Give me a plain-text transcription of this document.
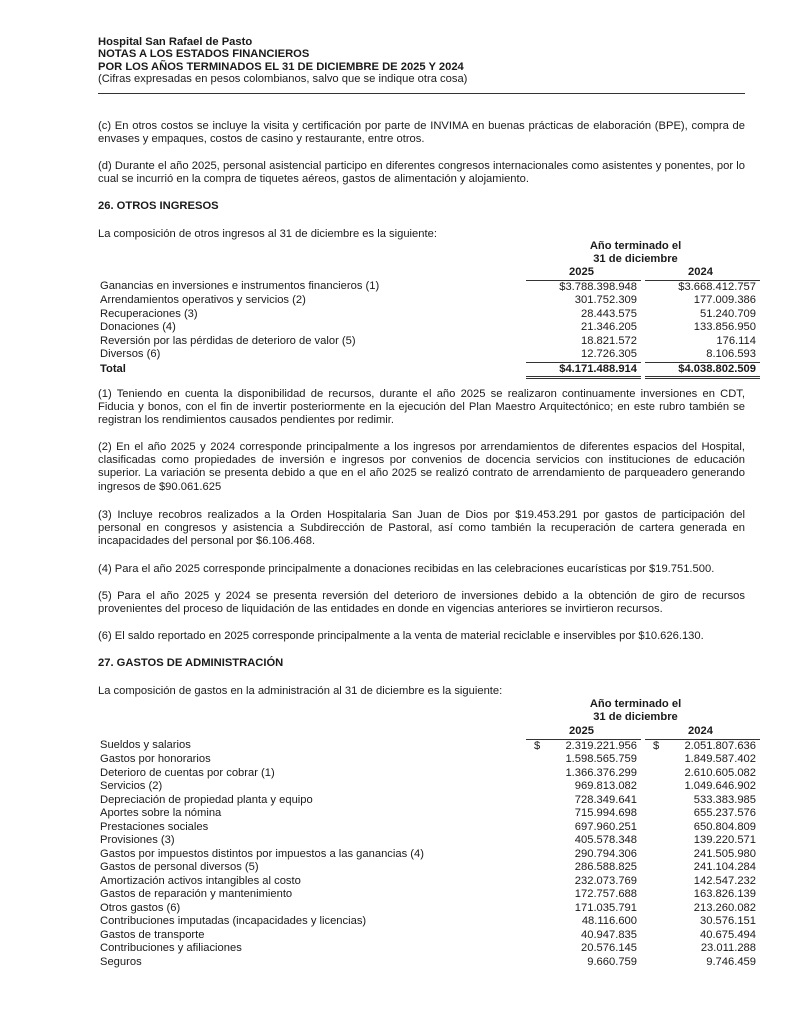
Hospital San Rafael de Pasto
NOTAS A LOS ESTADOS FINANCIEROS
POR LOS AÑOS TERMINADOS EL 31 DE DICIEMBRE DE 2025 Y 2024
(Cifras expresadas en pesos colombianos, salvo que se indique otra cosa)

(c) En otros costos se incluye la visita y certificación por parte de INVIMA en buenas prácticas de elaboración (BPE), compra de envases y empaques, costos de casino y restaurante, entre otros.

(d) Durante el año 2025, personal asistencial participo en diferentes congresos internacionales como asistentes y ponentes, por lo cual se incurrió en la compra de tiquetes aéreos, gastos de alimentación y alojamiento.

26. OTROS INGRESOS

La composición de otros ingresos al 31 de diciembre es la siguiente:

Año terminado el
31 de diciembre
		2025		2024
Ganancias en inversiones e instrumentos financieros (1)		$3.788.398.948		$3.668.412.757
Arrendamientos operativos y servicios (2)		301.752.309		177.009.386
Recuperaciones (3)		28.443.575		51.240.709
Donaciones (4)		21.346.205		133.856.950
Reversión por las pérdidas de deterioro de valor (5)		18.821.572		176.114
Diversos (6)		12.726.305		8.106.593
Total		$4.171.488.914		$4.038.802.509

(1) Teniendo en cuenta la disponibilidad de recursos, durante el año 2025 se realizaron continuamente inversiones en CDT, Fiducia y bonos, con el fin de invertir posteriormente en la ejecución del Plan Maestro Arquitectónico; en este rubro también se registran los rendimientos causados pendientes por redimir.

(2) En el año 2025 y 2024 corresponde principalmente a los ingresos por arrendamientos de diferentes espacios del Hospital, clasificadas como propiedades de inversión e ingresos por convenios de docencia servicios con instituciones de educación superior. La variación se presenta debido a que en el año 2025 se realizó contrato de arrendamiento de parqueadero generando ingresos de $90.061.625

(3) Incluye recobros realizados a la Orden Hospitalaria San Juan de Dios por $19.453.291 por gastos de participación del personal en congresos y asistencia a Subdirección de Pastoral, así como también la recuperación de cartera generada en incapacidades del personal por $6.106.468.

(4) Para el año 2025 corresponde principalmente a donaciones recibidas en las celebraciones eucarísticas por $19.751.500.

(5) Para el año 2025 y 2024 se presenta reversión del deterioro de inversiones debido a la obtención de giro de recursos provenientes del proceso de liquidación de las entidades en donde en vigencias anteriores se invirtieron recursos.

(6) El saldo reportado en 2025 corresponde principalmente a la venta de material reciclable e inservibles por $10.626.130.

27. GASTOS DE ADMINISTRACIÓN

La composición de gastos en la administración al 31 de diciembre es la siguiente:

Año terminado el
31 de diciembre
		2025		2024
Sueldos y salarios		$ 2.319.221.956		$ 2.051.807.636
Gastos por honorarios		1.598.565.759		1.849.587.402
Deterioro de cuentas por cobrar (1)		1.366.376.299		2.610.605.082
Servicios (2)		969.813.082		1.049.646.902
Depreciación de propiedad planta y equipo		728.349.641		533.383.985
Aportes sobre la nómina		715.994.698		655.237.576
Prestaciones sociales		697.960.251		650.804.809
Provisiones (3)		405.578.348		139.220.571
Gastos por impuestos distintos por impuestos a las ganancias (4)		290.794.306		241.505.980
Gastos de personal diversos (5)		286.588.825		241.104.284
Amortización activos intangibles al costo		232.073.769		142.547.232
Gastos de reparación y mantenimiento		172.757.688		163.826.139
Otros gastos (6)		171.035.791		213.260.082
Contribuciones imputadas (incapacidades y licencias)		48.116.600		30.576.151
Gastos de transporte		40.947.835		40.675.494
Contribuciones y afiliaciones		20.576.145		23.011.288
Seguros		9.660.759		9.746.459
